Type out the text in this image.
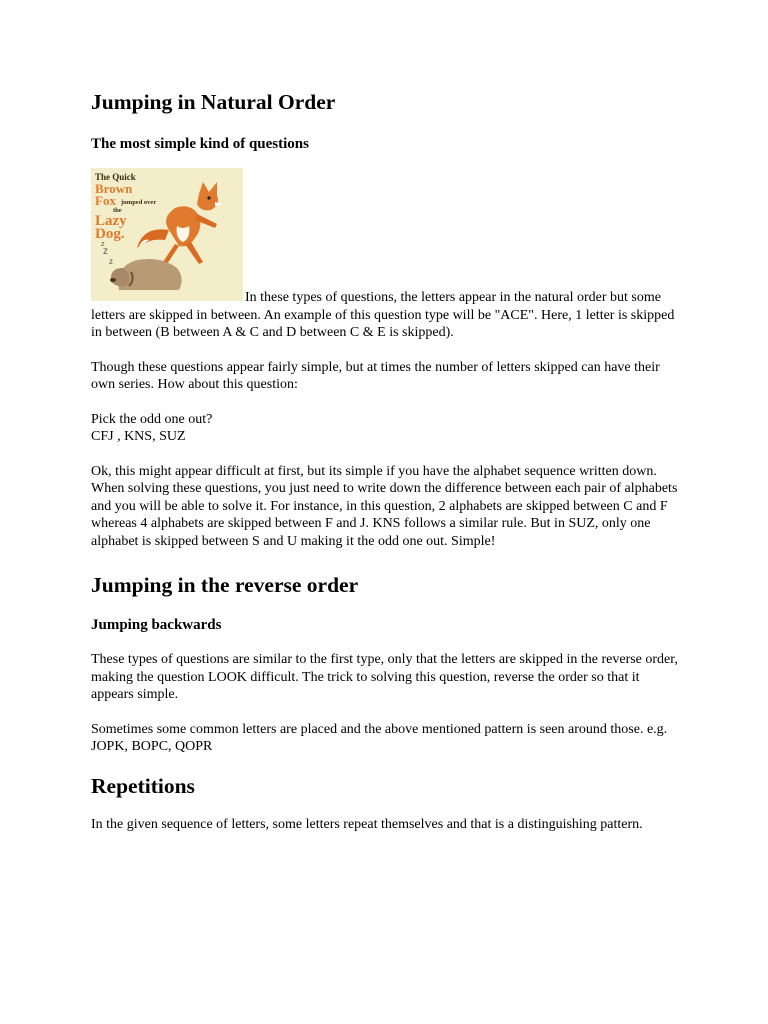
Jumping in Natural Order
The most simple kind of questions

z
z
z
The Quick
Brown
Fox jumped over
the
Lazy
Dog.
In these types of questions, the letters appear in the natural order but some letters are skipped in between. An example of this question type will be "ACE". Here, 1 letter is skipped in between (B between A & C and D between C & E is skipped).

Though these questions appear fairly simple, but at times the number of letters skipped can have their own series. How about this question:

Pick the odd one out?

CFJ , KNS, SUZ

Ok, this might appear difficult at first, but its simple if you have the alphabet sequence written down. When solving these questions, you just need to write down the difference between each pair of alphabets and you will be able to solve it. For instance, in this question, 2 alphabets are skipped between C and F whereas 4 alphabets are skipped between F and J. KNS follows a similar rule. But in SUZ, only one alphabet is skipped between S and U making it the odd one out. Simple!

Jumping in the reverse order
Jumping backwards

These types of questions are similar to the first type, only that the letters are skipped in the reverse order, making the question LOOK difficult. The trick to solving this question, reverse the order so that it appears simple.

Sometimes some common letters are placed and the above mentioned pattern is seen around those. e.g.

JOPK, BOPC, QOPR

Repetitions

In the given sequence of letters, some letters repeat themselves and that is a distinguishing pattern.
